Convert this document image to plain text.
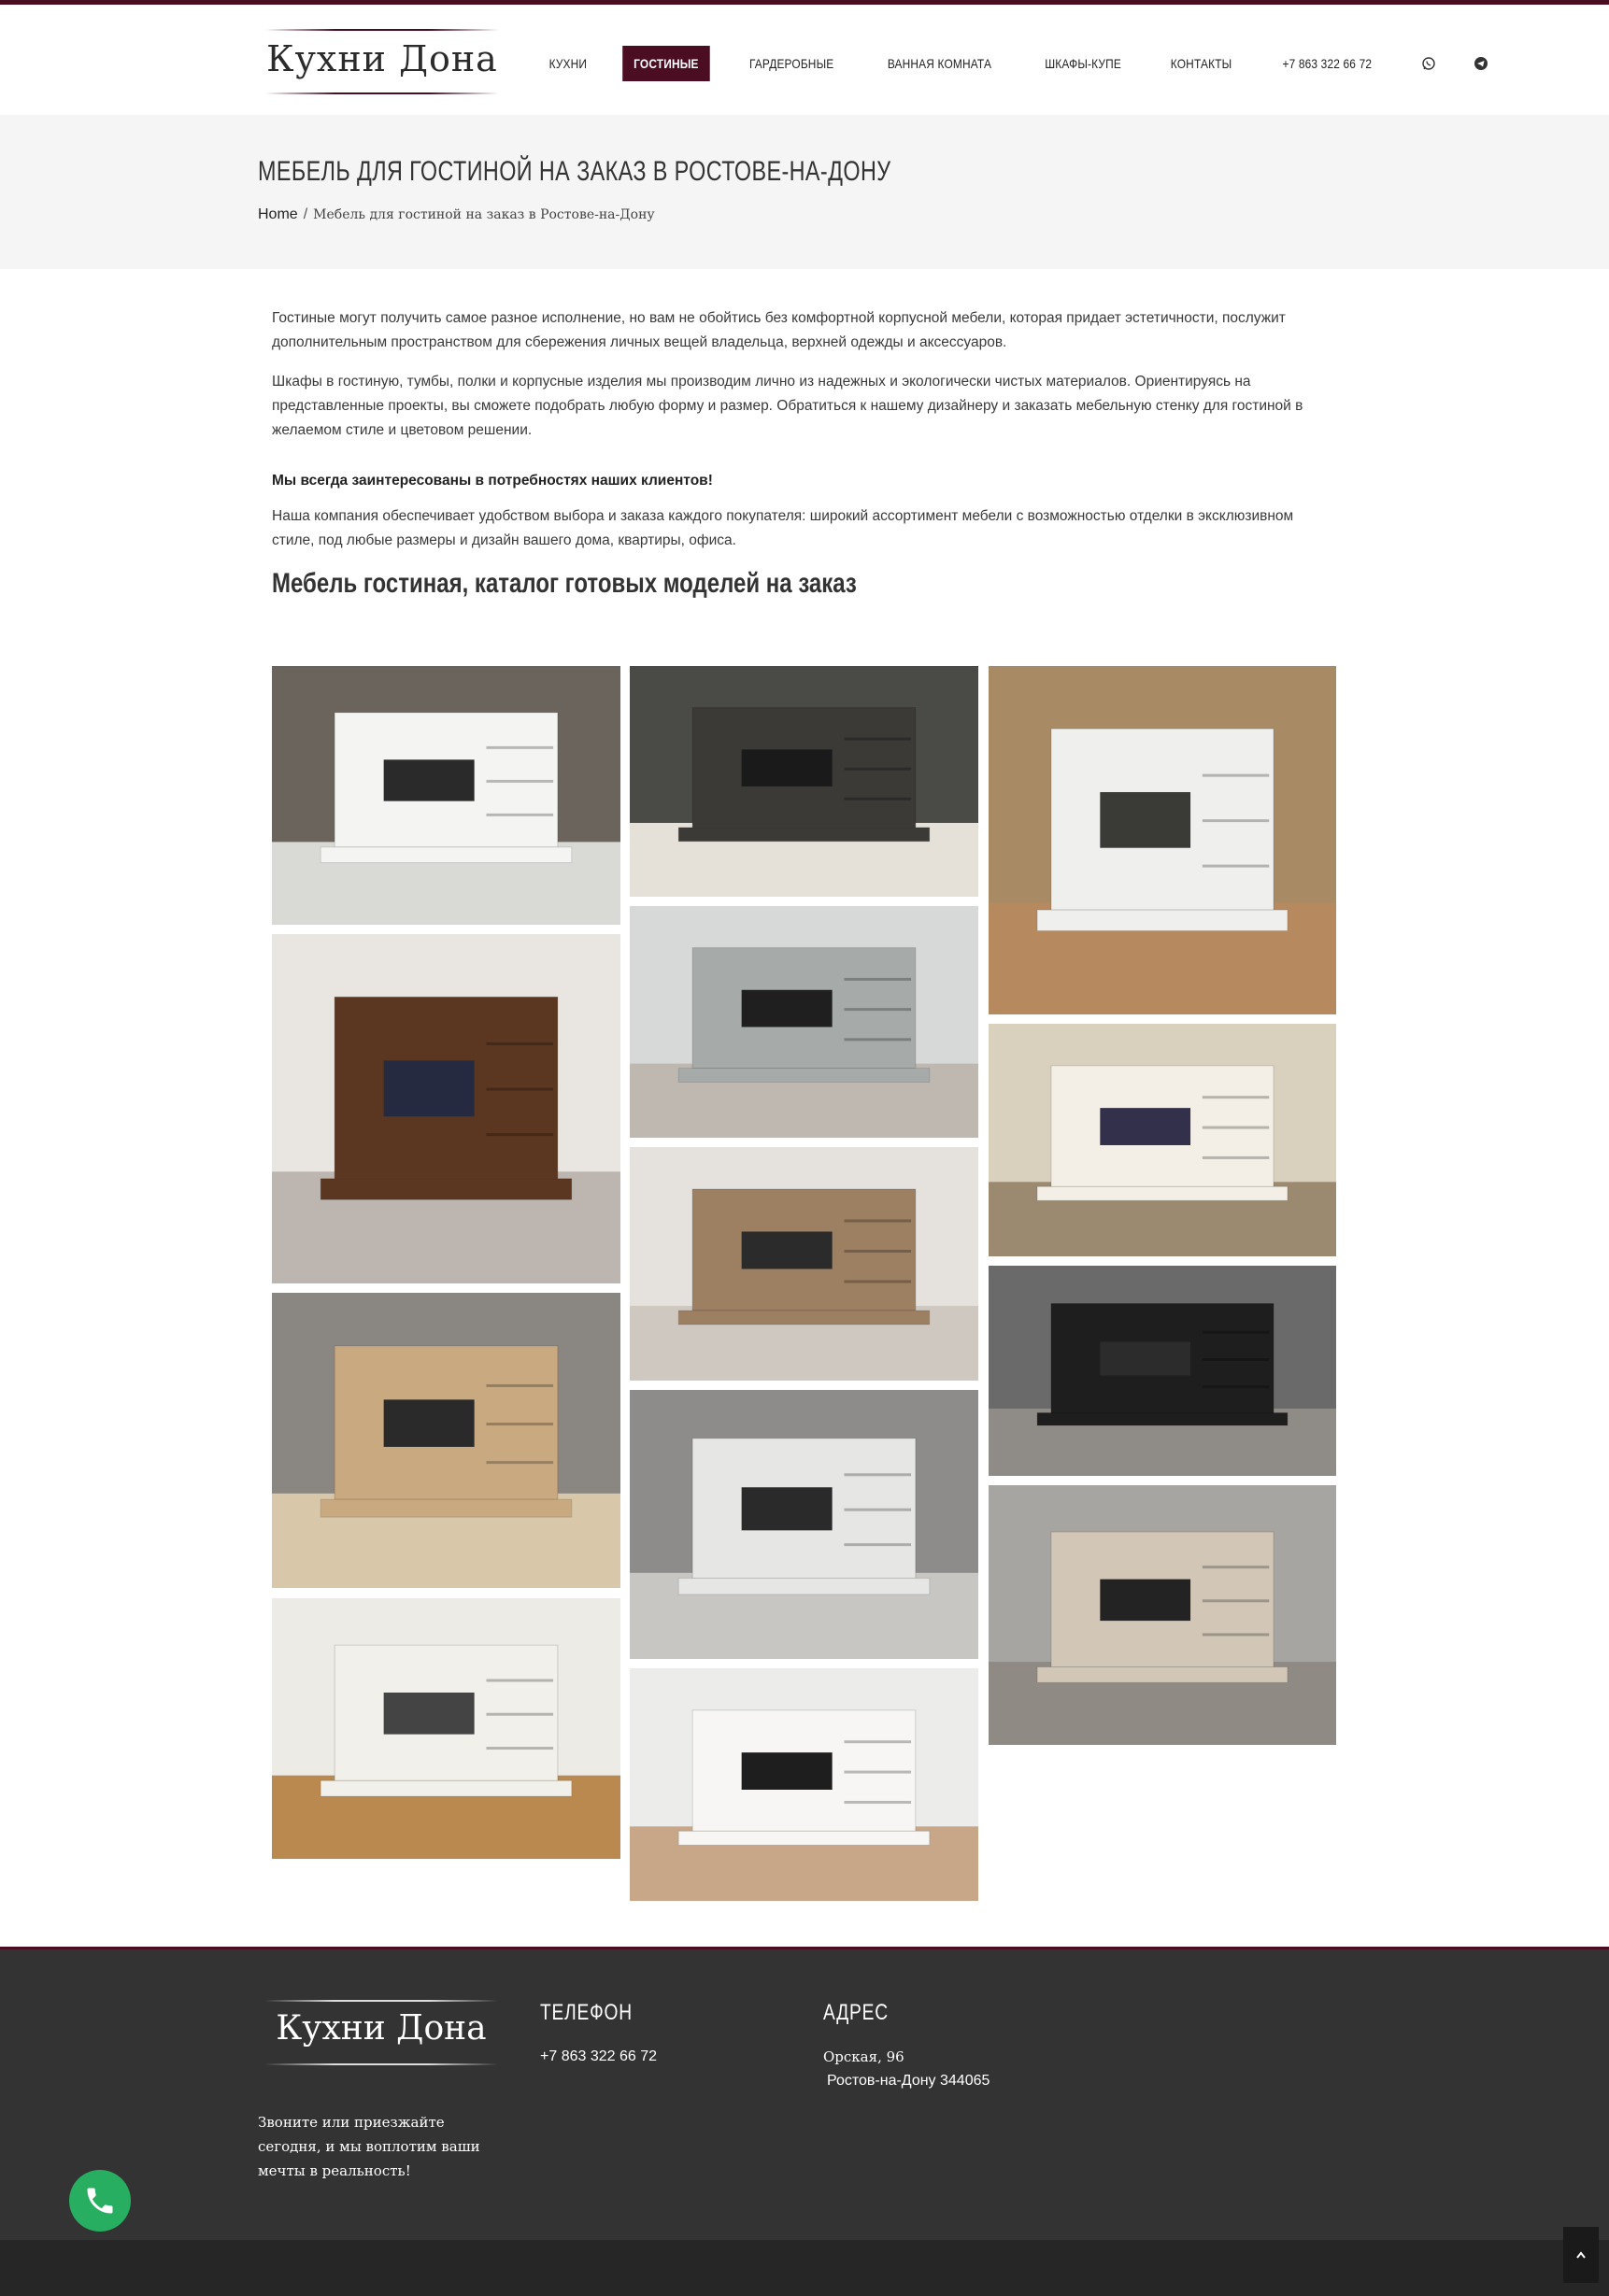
Кухни Дона	КУХНИ	ГОСТИНЫЕ	ГАРДЕРОБНЫЕ	ВАННАЯ КОМНАТА	ШКАФЫ-КУПЕ	КОНТАКТЫ	+7 863 322 66 72
МЕБЕЛЬ ДЛЯ ГОСТИНОЙ НА ЗАКАЗ В РОСТОВЕ-НА-ДОНУ
Home / Мебель для гостиной на заказ в Ростове-на-Дону

Гостиные могут получить самое разное исполнение, но вам не обойтись без комфортной корпусной мебели, которая придает эстетичности, послужит дополнительным пространством для сбережения личных вещей владельца, верхней одежды и аксессуаров.

Шкафы в гостиную, тумбы, полки и корпусные изделия мы производим лично из надежных и экологически чистых материалов. Ориентируясь на представленные проекты, вы сможете подобрать любую форму и размер. Обратиться к нашему дизайнеру и заказать мебельную стенку для гостиной в желаемом стиле и цветовом решении.

Мы всегда заинтересованы в потребностях наших клиентов!

Наша компания обеспечивает удобством выбора и заказа каждого покупателя: широкий ассортимент мебели с возможностью отделки в эксклюзивном стиле, под любые размеры и дизайн вашего дома, квартиры, офиса.

Мебель гостиная, каталог готовых моделей на заказ
Кухни Дона
Звоните или приезжайте сегодня, и мы воплотим ваши мечты в реальность!
ТЕЛЕФОН
+7 863 322 66 72
АДРЕС
Орская, 96
Ростов-на-Дону 344065
